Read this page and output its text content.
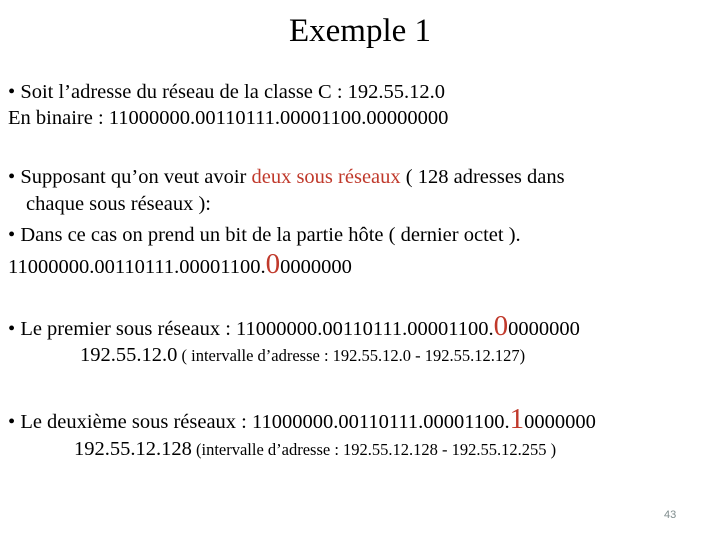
Exemple 1
• Soit l’adresse du réseau de la classe C : 192.55.12.0
En binaire : 11000000.00110111.00001100.00000000
• Supposant qu’on veut avoir deux sous réseaux ( 128 adresses dans
chaque sous réseaux ):
• Dans ce cas on prend un bit de la partie hôte ( dernier octet ).
11000000.00110111.00001100.00000000
• Le premier sous réseaux : 11000000.00110111.00001100.00000000
192.55.12.0 ( intervalle d’adresse : 192.55.12.0 - 192.55.12.127)
• Le deuxième sous réseaux : 11000000.00110111.00001100.10000000
192.55.12.128 (intervalle d’adresse : 192.55.12.128 - 192.55.12.255 )
43
